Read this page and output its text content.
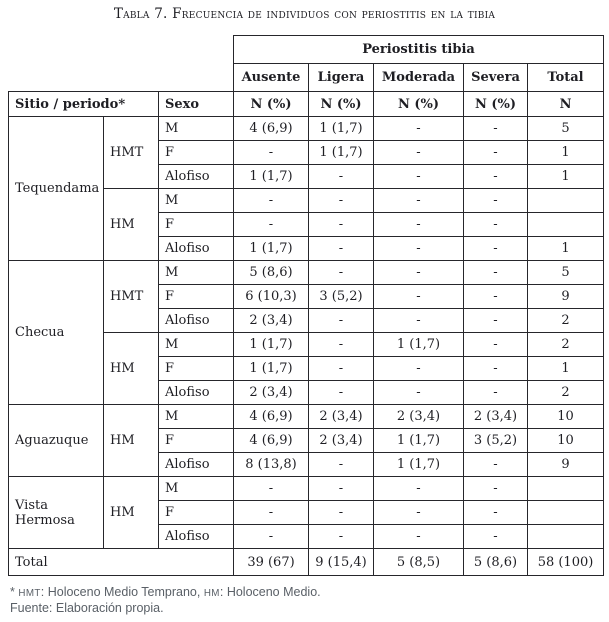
Tabla 7. Frecuencia de individuos con periostitis en la tibia
			Periostitis tibia				
			Ausente	Ligera	Moderada	Severa	Total
Sitio / periodo*		Sexo	N (%)	N (%)	N (%)	N (%)	N
Tequendama	HMT	M	4 (6,9)	1 (1,7)	-	-	5
		F	-	1 (1,7)	-	-	1
		Alofiso	1 (1,7)	-	-	-	1
	HM	M	-	-	-	-	
		F	-	-	-	-	
		Alofiso	1 (1,7)	-	-	-	1
Checua	HMT	M	5 (8,6)	-	-	-	5
		F	6 (10,3)	3 (5,2)	-	-	9
		Alofiso	2 (3,4)	-	-	-	2
	HM	M	1 (1,7)	-	1 (1,7)	-	2
		F	1 (1,7)	-	-	-	1
		Alofiso	2 (3,4)	-	-	-	2
Aguazuque	HM	M	4 (6,9)	2 (3,4)	2 (3,4)	2 (3,4)	10
		F	4 (6,9)	2 (3,4)	1 (1,7)	3 (5,2)	10
		Alofiso	8 (13,8)	-	1 (1,7)	-	9
Vista Hermosa	HM	M	-	-	-	-	
		F	-	-	-	-	
		Alofiso	-	-	-	-	
Total			39 (67)	9 (15,4)	5 (8,5)	5 (8,6)	58 (100)
* HMT: Holoceno Medio Temprano, HM: Holoceno Medio.
Fuente: Elaboración propia.
